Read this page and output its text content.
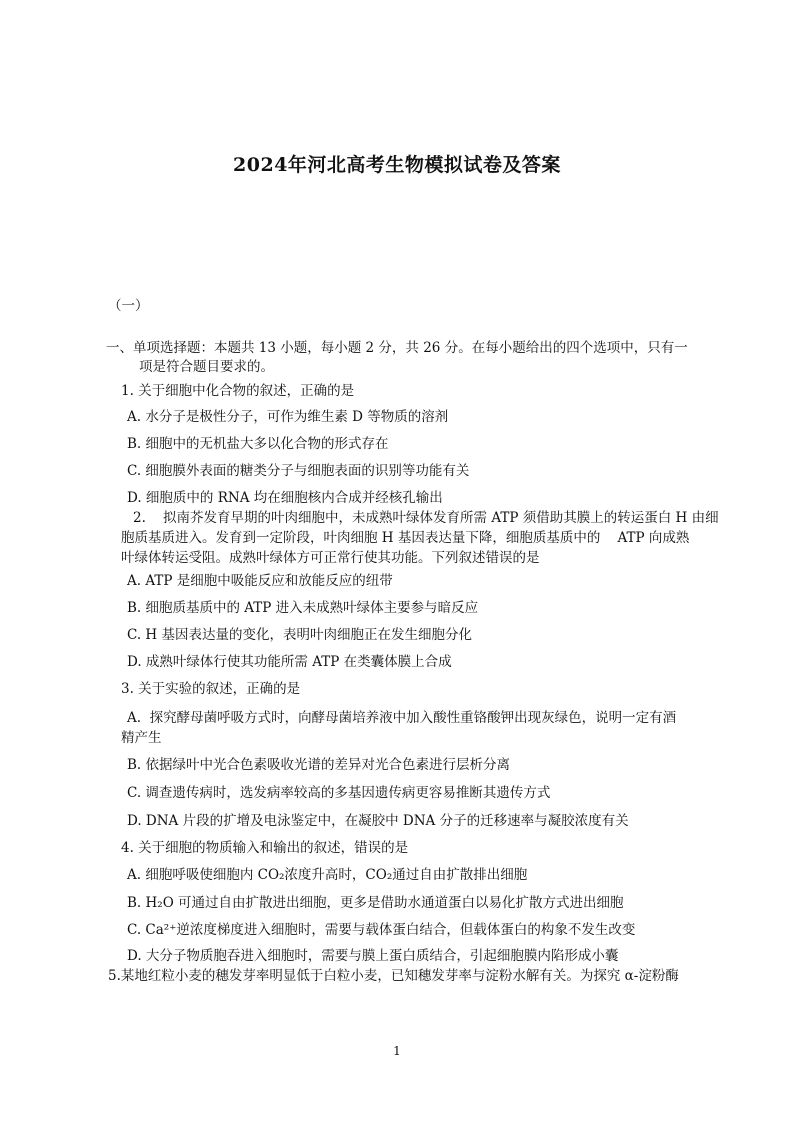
2024年河北高考生物模拟试卷及答案
（一）
一、单项选择题：本题共 13 小题，每小题 2 分，共 26 分。在每小题给出的四个选项中，只有一
项是符合题目要求的。
1. 关于细胞中化合物的叙述，正确的是
A. 水分子是极性分子，可作为维生素 D 等物质的溶剂
B. 细胞中的无机盐大多以化合物的形式存在
C. 细胞膜外表面的糖类分子与细胞表面的识别等功能有关
D. 细胞质中的 RNA 均在细胞核内合成并经核孔输出
2.    拟南芥发育早期的叶肉细胞中，未成熟叶绿体发育所需 ATP 须借助其膜上的转运蛋白 H 由细
胞质基质进入。发育到一定阶段，叶肉细胞 H 基因表达量下降，细胞质基质中的    ATP 向成熟
叶绿体转运受阻。成熟叶绿体方可正常行使其功能。下列叙述错误的是
A. ATP 是细胞中吸能反应和放能反应的纽带
B. 细胞质基质中的 ATP 进入未成熟叶绿体主要参与暗反应
C. H 基因表达量的变化，表明叶肉细胞正在发生细胞分化
D. 成熟叶绿体行使其功能所需 ATP 在类囊体膜上合成
3. 关于实验的叙述，正确的是
A.  探究酵母菌呼吸方式时，向酵母菌培养液中加入酸性重铬酸钾出现灰绿色，说明一定有酒
精产生
B. 依据绿叶中光合色素吸收光谱的差异对光合色素进行层析分离
C. 调查遗传病时，选发病率较高的多基因遗传病更容易推断其遗传方式
D. DNA 片段的扩增及电泳鉴定中，在凝胶中 DNA 分子的迁移速率与凝胶浓度有关
4. 关于细胞的物质输入和输出的叙述，错误的是
A. 细胞呼吸使细胞内 CO₂浓度升高时，CO₂通过自由扩散排出细胞
B. H₂O 可通过自由扩散进出细胞，更多是借助水通道蛋白以易化扩散方式进出细胞
C. Ca²⁺逆浓度梯度进入细胞时，需要与载体蛋白结合，但载体蛋白的构象不发生改变
D. 大分子物质胞吞进入细胞时，需要与膜上蛋白质结合，引起细胞膜内陷形成小囊
5.某地红粒小麦的穗发芽率明显低于白粒小麦，已知穗发芽率与淀粉水解有关。为探究 α-淀粉酶
1
